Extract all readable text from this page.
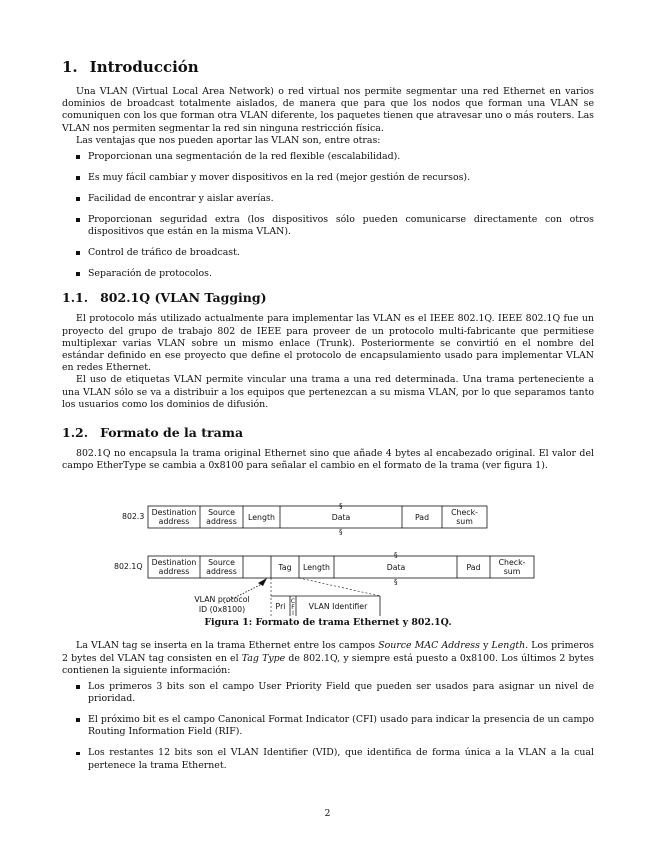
1. Introducción

Una VLAN (Virtual Local Area Network) o red virtual nos permite segmentar una red Ethernet en varios dominios de broadcast totalmente aislados, de manera que para que los nodos que forman una VLAN se comuniquen con los que forman otra VLAN diferente, los paquetes tienen que atravesar uno o más routers. Las VLAN nos permiten segmentar la red sin ninguna restricción física.

Las ventajas que nos pueden aportar las VLAN son, entre otras:

Proporcionan una segmentación de la red flexible (escalabilidad).
Es muy fácil cambiar y mover dispositivos en la red (mejor gestión de recursos).
Facilidad de encontrar y aislar averías.
Proporcionan seguridad extra (los dispositivos sólo pueden comunicarse directamente con otros dispositivos que están en la misma VLAN).
Control de tráfico de broadcast.
Separación de protocolos.
1.1. 802.1Q (VLAN Tagging)

El protocolo más utilizado actualmente para implementar las VLAN es el IEEE 802.1Q. IEEE 802.1Q fue un proyecto del grupo de trabajo 802 de IEEE para proveer de un protocolo multi-fabricante que permitiese multiplexar varias VLAN sobre un mismo enlace (Trunk). Posteriormente se convirtió en el nombre del estándar definido en ese proyecto que define el protocolo de encapsulamiento usado para implementar VLAN en redes Ethernet.

El uso de etiquetas VLAN permite vincular una trama a una red determinada. Una trama perteneciente a una VLAN sólo se va a distribuir a los equipos que pertenezcan a su misma VLAN, por lo que separamos tanto los usuarios como los dominios de difusión.

1.2. Formato de la trama

802.1Q no encapsula la trama original Ethernet sino que añade 4 bytes al encabezado original. El valor del campo EtherType se cambia a 0x8100 para señalar el cambio en el formato de la trama (ver figura 1).

802.3
§
§
Destination
address
Source
address Length	Data	Pad
Check-
sum
802.1Q
§
§
Destination
address
Source
address	Tag Length	Data	Pad
Check-
sum
VLAN protocol
ID (0x8100)	Pri
C
F
I
VLAN Identifier
Figura 1: Formato de trama Ethernet y 802.1Q.

La VLAN tag se inserta en la trama Ethernet entre los campos Source MAC Address y Length. Los primeros 2 bytes del VLAN tag consisten en el Tag Type de 802.1Q, y siempre está puesto a 0x8100. Los últimos 2 bytes contienen la siguiente información:

Los primeros 3 bits son el campo User Priority Field que pueden ser usados para asignar un nivel de prioridad.
El próximo bit es el campo Canonical Format Indicator (CFI) usado para indicar la presencia de un campo Routing Information Field (RIF).
Los restantes 12 bits son el VLAN Identifier (VID), que identifica de forma única a la VLAN a la cual pertenece la trama Ethernet.
2
